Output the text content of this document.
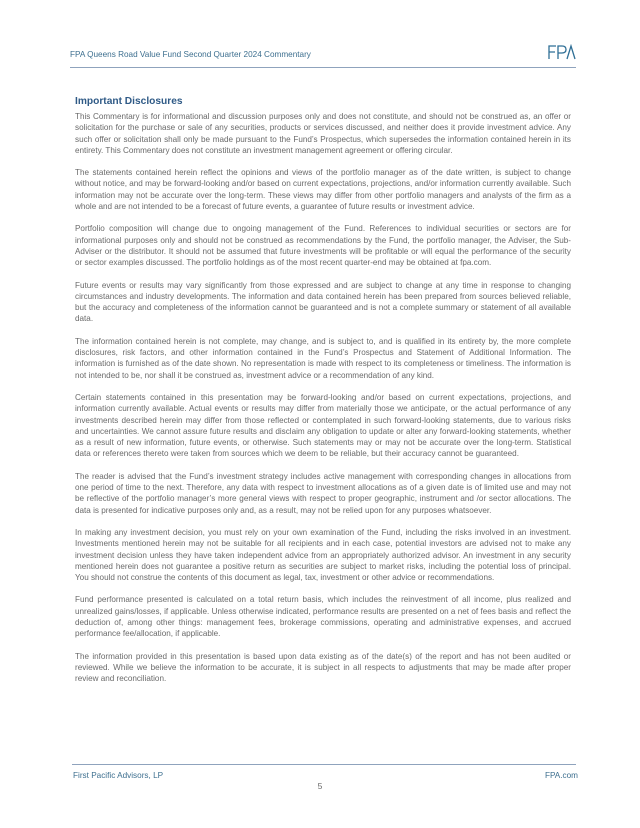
FPA Queens Road Value Fund Second Quarter 2024 Commentary
Important Disclosures

This Commentary is for informational and discussion purposes only and does not constitute, and should not be construed as, an offer or solicitation for the purchase or sale of any securities, products or services discussed, and neither does it provide investment advice. Any such offer or solicitation shall only be made pursuant to the Fund’s Prospectus, which supersedes the information contained herein in its entirety. This Commentary does not constitute an investment management agreement or offering circular.

The statements contained herein reflect the opinions and views of the portfolio manager as of the date written, is subject to change without notice, and may be forward-looking and/or based on current expectations, projections, and/or information currently available. Such information may not be accurate over the long-term. These views may differ from other portfolio managers and analysts of the firm as a whole and are not intended to be a forecast of future events, a guarantee of future results or investment advice.

Portfolio composition will change due to ongoing management of the Fund. References to individual securities or sectors are for informational purposes only and should not be construed as recommendations by the Fund, the portfolio manager, the Adviser, the Sub-Adviser or the distributor. It should not be assumed that future investments will be profitable or will equal the performance of the security or sector examples discussed. The portfolio holdings as of the most recent quarter-end may be obtained at fpa.com.

Future events or results may vary significantly from those expressed and are subject to change at any time in response to changing circumstances and industry developments. The information and data contained herein has been prepared from sources believed reliable, but the accuracy and completeness of the information cannot be guaranteed and is not a complete summary or statement of all available data.

The information contained herein is not complete, may change, and is subject to, and is qualified in its entirety by, the more complete disclosures, risk factors, and other information contained in the Fund’s Prospectus and Statement of Additional Information. The information is furnished as of the date shown. No representation is made with respect to its completeness or timeliness. The information is not intended to be, nor shall it be construed as, investment advice or a recommendation of any kind.

Certain statements contained in this presentation may be forward-looking and/or based on current expectations, projections, and information currently available. Actual events or results may differ from materially those we anticipate, or the actual performance of any investments described herein may differ from those reflected or contemplated in such forward-looking statements, due to various risks and uncertainties. We cannot assure future results and disclaim any obligation to update or alter any forward-looking statements, whether as a result of new information, future events, or otherwise. Such statements may or may not be accurate over the long-term. Statistical data or references thereto were taken from sources which we deem to be reliable, but their accuracy cannot be guaranteed.

The reader is advised that the Fund’s investment strategy includes active management with corresponding changes in allocations from one period of time to the next. Therefore, any data with respect to investment allocations as of a given date is of limited use and may not be reflective of the portfolio manager’s more general views with respect to proper geographic, instrument and /or sector allocations. The data is presented for indicative purposes only and, as a result, may not be relied upon for any purposes whatsoever.

In making any investment decision, you must rely on your own examination of the Fund, including the risks involved in an investment. Investments mentioned herein may not be suitable for all recipients and in each case, potential investors are advised not to make any investment decision unless they have taken independent advice from an appropriately authorized advisor. An investment in any security mentioned herein does not guarantee a positive return as securities are subject to market risks, including the potential loss of principal. You should not construe the contents of this document as legal, tax, investment or other advice or recommendations.

Fund performance presented is calculated on a total return basis, which includes the reinvestment of all income, plus realized and unrealized gains/losses, if applicable. Unless otherwise indicated, performance results are presented on a net of fees basis and reflect the deduction of, among other things: management fees, brokerage commissions, operating and administrative expenses, and accrued performance fee/allocation, if applicable.

The information provided in this presentation is based upon data existing as of the date(s) of the report and has not been audited or reviewed. While we believe the information to be accurate, it is subject in all respects to adjustments that may be made after proper review and reconciliation.

First Pacific Advisors, LP	FPA.com
5
